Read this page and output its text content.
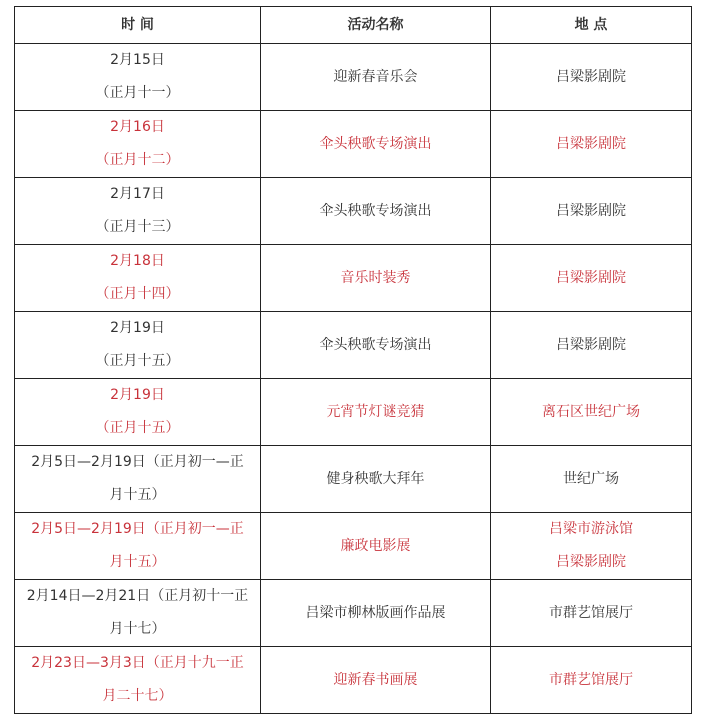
时 间	活动名称	地 点

2月15日
（正月十一）	迎新春音乐会	吕梁影剧院

2月16日
（正月十二）	伞头秧歌专场演出	吕梁影剧院

2月17日
（正月十三）	伞头秧歌专场演出	吕梁影剧院

2月18日
（正月十四）	音乐时装秀	吕梁影剧院

2月19日
（正月十五）	伞头秧歌专场演出	吕梁影剧院

2月19日
（正月十五）	元宵节灯谜竞猜	离石区世纪广场

2月5日—2月19日（正月初一—正
月十五）	健身秧歌大拜年	世纪广场

2月5日—2月19日（正月初一—正
月十五）	廉政电影展	吕梁市游泳馆
吕梁影剧院

2月14日—2月21日（正月初十一正
月十七）	吕梁市柳林版画作品展	市群艺馆展厅

2月23日—3月3日（正月十九一正
月二十七）	迎新春书画展	市群艺馆展厅
